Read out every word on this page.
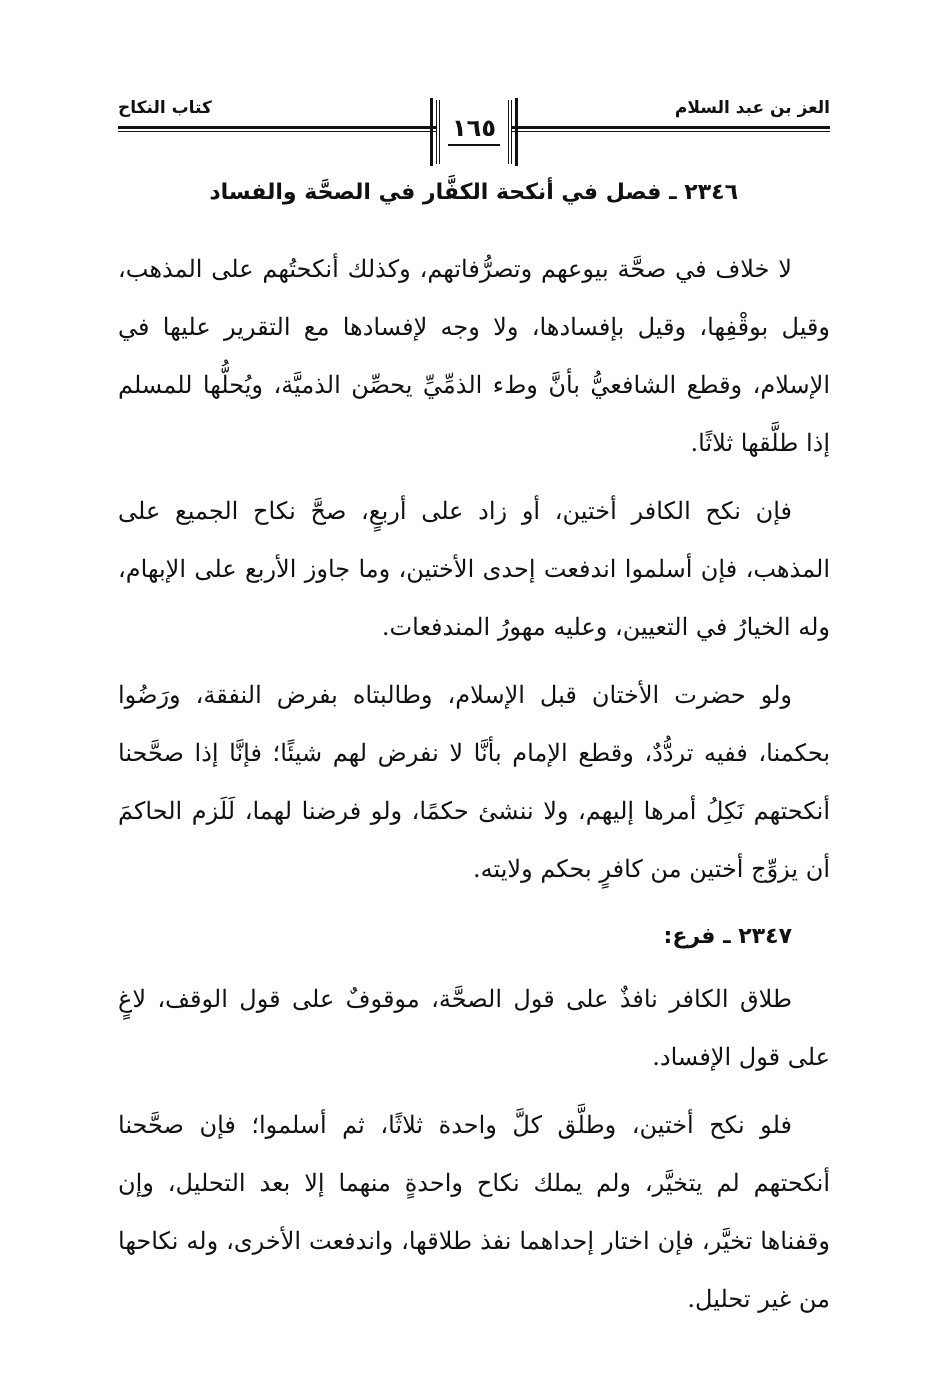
العز بن عبد السلام
كتاب النكاح
١٦٥
٢٣٤٦ ـ فصل في أنكحة الكفَّار في الصحَّة والفساد

لا خلاف في صحَّة بيوعهم وتصرُّفاتهم، وكذلك أنكحتُهم على المذهب، وقيل بوقْفِها، وقيل بإفسادها، ولا وجه لإفسادها مع التقرير عليها في الإسلام، وقطع الشافعيُّ بأنَّ وطء الذمِّيِّ يحصِّن الذميَّة، ويُحلُّها للمسلم إذا طلَّقها ثلاثًا.

فإن نكح الكافر أختين، أو زاد على أربعٍ، صحَّ نكاح الجميع على المذهب، فإن أسلموا اندفعت إحدى الأختين، وما جاوز الأربع على الإبهام، وله الخيارُ في التعيين، وعليه مهورُ المندفعات.

ولو حضرت الأختان قبل الإسلام، وطالبتاه بفرض النفقة، ورَضُوا بحكمنا، ففيه تردُّدٌ، وقطع الإمام بأنَّا لا نفرض لهم شيئًا؛ فإنَّا إذا صحَّحنا أنكحتهم نَكِلُ أمرها إليهم، ولا ننشئ حكمًا، ولو فرضنا لهما، لَلَزم الحاكمَ أن يزوِّج أختين من كافرٍ بحكم ولايته.

٢٣٤٧ ـ فرع:

طلاق الكافر نافذٌ على قول الصحَّة، موقوفٌ على قول الوقف، لاغٍ على قول الإفساد.

فلو نكح أختين، وطلَّق كلَّ واحدة ثلاثًا، ثم أسلموا؛ فإن صحَّحنا أنكحتهم لم يتخيَّر، ولم يملك نكاح واحدةٍ منهما إلا بعد التحليل، وإن وقفناها تخيَّر، فإن اختار إحداهما نفذ طلاقها، واندفعت الأخرى، وله نكاحها من غير تحليل.
